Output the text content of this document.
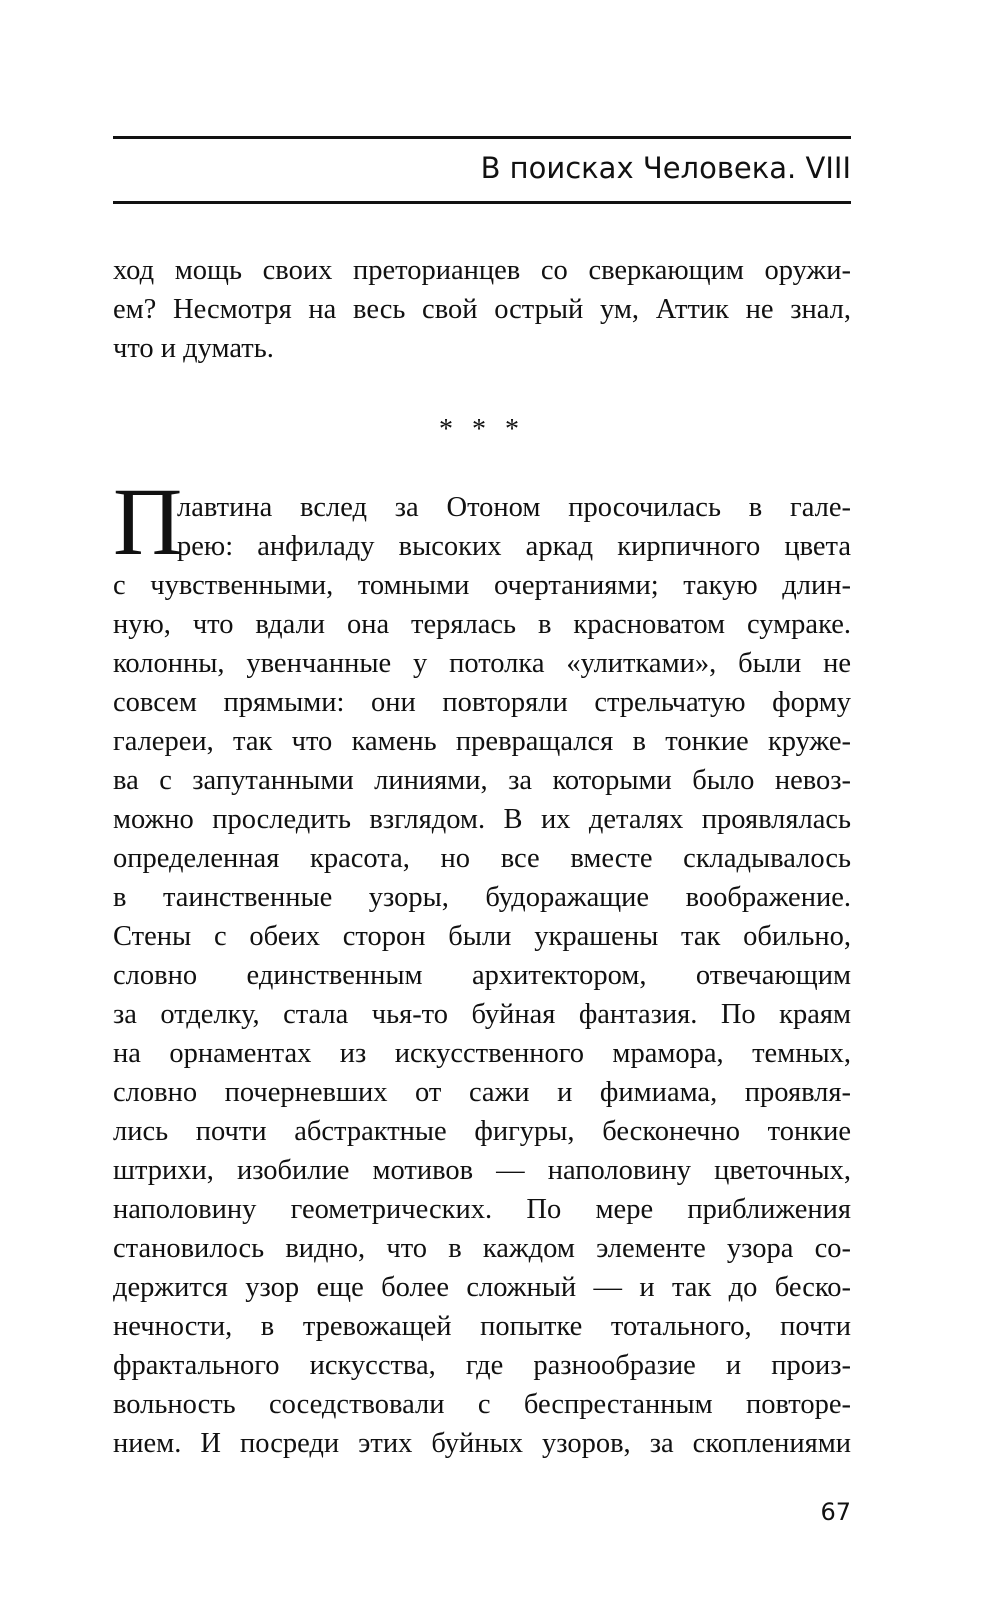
В поисках Человека. VIII
ход мощь своих преторианцев со сверкающим оружи-
ем? Несмотря на весь свой острый ум, Аттик не знал,
что и думать.
* * *
П
лавтина вслед за Отоном просочилась в гале-
рею: анфиладу высоких аркад кирпичного цвета
с чувственными, томными очертаниями; такую длин-
ную, что вдали она терялась в красноватом сумраке.
колонны, увенчанные у потолка «улитками», были не
совсем прямыми: они повторяли стрельчатую форму
галереи, так что камень превращался в тонкие круже-
ва с запутанными линиями, за которыми было невоз-
можно проследить взглядом. В их деталях проявлялась
определенная красота, но все вместе складывалось
в таинственные узоры, будоражащие воображение.
Стены с обеих сторон были украшены так обильно,
словно единственным архитектором, отвечающим
за отделку, стала чья-то буйная фантазия. По краям
на орнаментах из искусственного мрамора, темных,
словно почерневших от сажи и фимиама, проявля-
лись почти абстрактные фигуры, бесконечно тонкие
штрихи, изобилие мотивов — наполовину цветочных,
наполовину геометрических. По мере приближения
становилось видно, что в каждом элементе узора со-
держится узор еще более сложный — и так до беско-
нечности, в тревожащей попытке тотального, почти
фрактального искусства, где разнообразие и произ-
вольность соседствовали с беспрестанным повторе-
нием. И посреди этих буйных узоров, за скоплениями
67
